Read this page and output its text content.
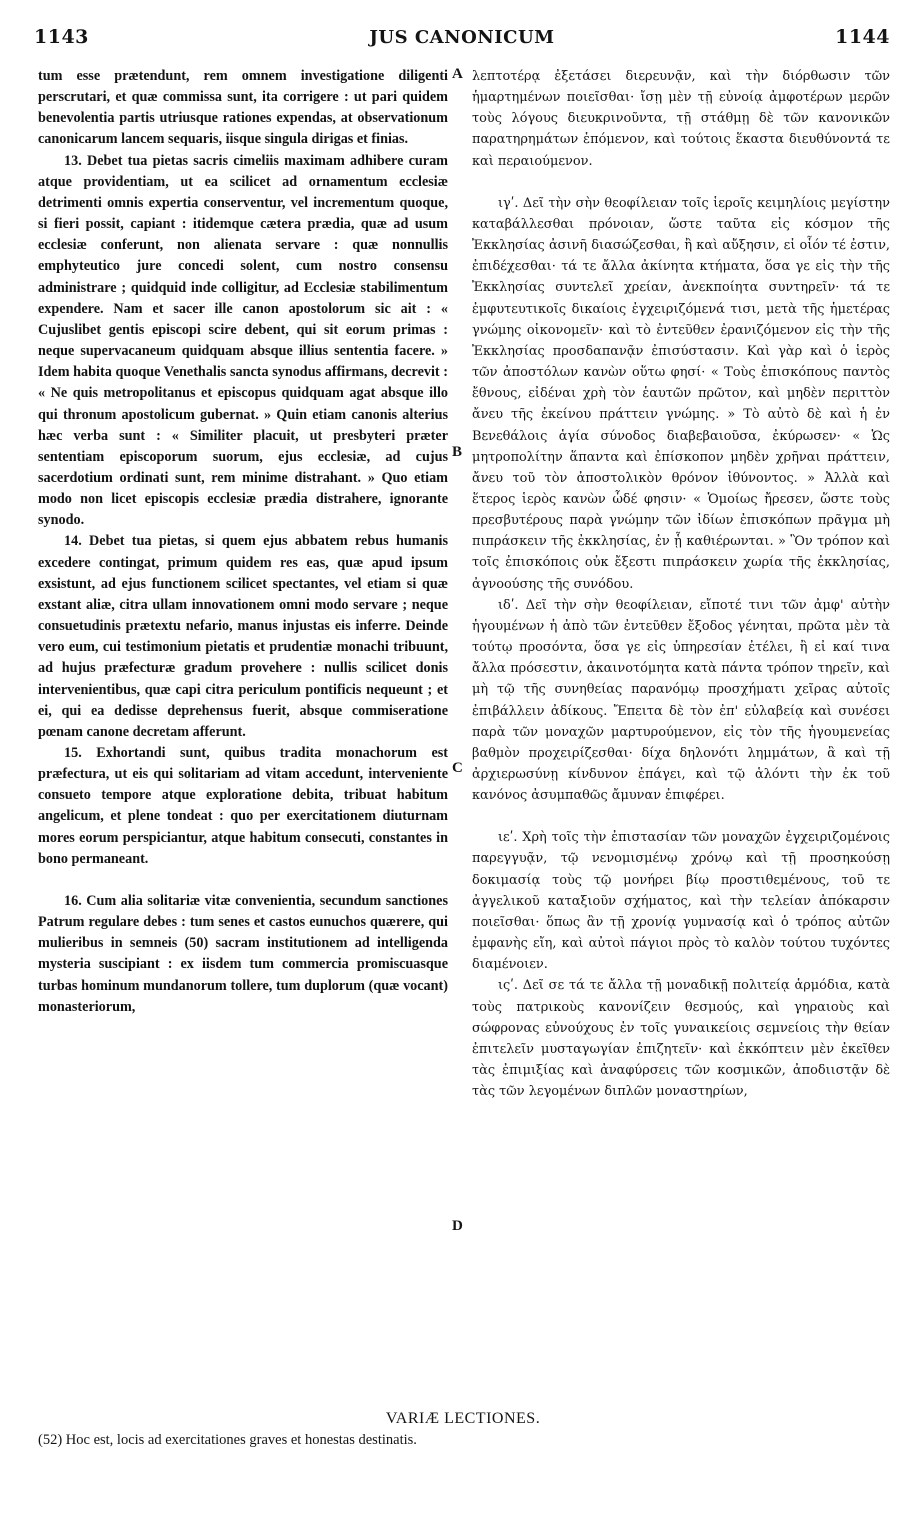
1143	JUS CANONICUM	1144

tum esse prætendunt, rem omnem investigatione diligenti perscrutari, et quæ commissa sunt, ita corrigere : ut pari quidem benevolentia partis utriusque rationes expendas, at observationum canonicarum lancem sequaris, iisque singula dirigas et finias.

13. Debet tua pietas sacris cimeliis maximam adhibere curam atque providentiam, ut ea scilicet ad ornamentum ecclesiæ detrimenti omnis expertia conserventur, vel incrementum quoque, si fieri possit, capiant : itidemque cætera prædia, quæ ad usum ecclesiæ conferunt, non alienata servare : quæ nonnullis emphyteutico jure concedi solent, cum nostro consensu administrare ; quidquid inde colligitur, ad Ecclesiæ stabilimentum expendere. Nam et sacer ille canon apostolorum sic ait : « Cujuslibet gentis episcopi scire debent, qui sit eorum primas : neque supervacaneum quidquam absque illius sententia facere. » Idem habita quoque Venethalis sancta synodus affirmans, decrevit : « Ne quis metropolitanus et episcopus quidquam agat absque illo qui thronum apostolicum gubernat. » Quin etiam canonis alterius hæc verba sunt : « Similiter placuit, ut presbyteri præter sententiam episcoporum suorum, ejus ecclesiæ, ad cujus sacerdotium ordinati sunt, rem minime distrahant. » Quo etiam modo non licet episcopis ecclesiæ prædia distrahere, ignorante synodo.

14. Debet tua pietas, si quem ejus abbatem rebus humanis excedere contingat, primum quidem res eas, quæ apud ipsum exsistunt, ad ejus functionem scilicet spectantes, vel etiam si quæ exstant aliæ, citra ullam innovationem omni modo servare ; neque consuetudinis prætextu nefario, manus injustas eis inferre. Deinde vero eum, cui testimonium pietatis et prudentiæ monachi tribuunt, ad hujus præfecturæ gradum provehere : nullis scilicet donis intervenientibus, quæ capi citra periculum pontificis nequeunt ; et ei, qui ea dedisse deprehensus fuerit, absque commiseratione pœnam canone decretam afferunt.

15. Exhortandi sunt, quibus tradita monachorum est præfectura, ut eis qui solitariam ad vitam accedunt, interveniente consueto tempore atque exploratione debita, tribuat habitum angelicum, et plene tondeat : quo per exercitationem diuturnam mores eorum perspiciantur, atque habitum consecuti, constantes in bono permaneant.

16. Cum alia solitariæ vitæ convenientia, secundum sanctiones Patrum regulare debes : tum senes et castos eunuchos quærere, qui mulieribus in semneis (50) sacram institutionem ad intelligenda mysteria suscipiant : ex iisdem tum commercia promiscuasque turbas hominum mundanorum tollere, tum duplorum (quæ vocant) monasteriorum,

A
B
C
D

λεπτοτέρᾳ ἐξετάσει διερευνᾷν, καὶ τὴν διόρθωσιν τῶν ἡμαρτημένων ποιεῖσθαι· ἴσῃ μὲν τῇ εὐνοίᾳ ἀμφοτέρων μερῶν τοὺς λόγους διευκρινοῦντα, τῇ στάθμῃ δὲ τῶν κανονικῶν παρατηρημάτων ἑπόμενον, καὶ τούτοις ἕκαστα διευθύνοντά τε καὶ περαιούμενον.

ιγʹ. Δεῖ τὴν σὴν θεοφίλειαν τοῖς ἱεροῖς κειμηλίοις μεγίστην καταβάλλεσθαι πρόνοιαν, ὥστε ταῦτα εἰς κόσμον τῆς Ἐκκλησίας ἀσινῆ διασώζεσθαι, ἢ καὶ αὔξησιν, εἰ οἷόν τέ ἐστιν, ἐπιδέχεσθαι· τά τε ἄλλα ἀκίνητα κτήματα, ὅσα γε εἰς τὴν τῆς Ἐκκλησίας συντελεῖ χρείαν, ἀνεκποίητα συντηρεῖν· τά τε ἐμφυτευτικοῖς δικαίοις ἐγχειριζόμενά τισι, μετὰ τῆς ἡμετέρας γνώμης οἰκονομεῖν· καὶ τὸ ἐντεῦθεν ἐρανιζόμενον εἰς τὴν τῆς Ἐκκλησίας προσδαπανᾷν ἐπισύστασιν. Καὶ γὰρ καὶ ὁ ἱερὸς τῶν ἀποστόλων κανὼν οὕτω φησί· « Τοὺς ἐπισκόπους παντὸς ἔθνους, εἰδέναι χρὴ τὸν ἑαυτῶν πρῶτον, καὶ μηδὲν περιττὸν ἄνευ τῆς ἐκείνου πράττειν γνώμης. » Τὸ αὐτὸ δὲ καὶ ἡ ἐν Βενεθάλοις ἁγία σύνοδος διαβεβαιοῦσα, ἐκύρωσεν· « Ὡς μητροπολίτην ἅπαντα καὶ ἐπίσκοπον μηδὲν χρῆναι πράττειν, ἄνευ τοῦ τὸν ἀποστολικὸν θρόνον ἰθύνοντος. » Ἀλλὰ καὶ ἕτερος ἱερὸς κανὼν ὧδέ φησιν· « Ὁμοίως ἤρεσεν, ὥστε τοὺς πρεσβυτέρους παρὰ γνώμην τῶν ἰδίων ἐπισκόπων πρᾶγμα μὴ πιπράσκειν τῆς ἐκκλησίας, ἐν ᾗ καθιέρωνται. » Ὃν τρόπον καὶ τοῖς ἐπισκόποις οὐκ ἔξεστι πιπράσκειν χωρία τῆς ἐκκλησίας, ἀγνοούσης τῆς συνόδου.

ιδʹ. Δεῖ τὴν σὴν θεοφίλειαν, εἴποτέ τινι τῶν ἀμφ' αὐτὴν ἡγουμένων ἡ ἀπὸ τῶν ἐντεῦθεν ἔξοδος γένηται, πρῶτα μὲν τὰ τούτῳ προσόντα, ὅσα γε εἰς ὑπηρεσίαν ἐτέλει, ἢ εἰ καί τινα ἄλλα πρόσεστιν, ἀκαινοτόμητα κατὰ πάντα τρόπον τηρεῖν, καὶ μὴ τῷ τῆς συνηθείας παρανόμῳ προσχήματι χεῖρας αὐτοῖς ἐπιβάλλειν ἀδίκους. Ἔπειτα δὲ τὸν ἐπ' εὐλαβείᾳ καὶ συνέσει παρὰ τῶν μοναχῶν μαρτυρούμενον, εἰς τὸν τῆς ἡγουμενείας βαθμὸν προχειρίζεσθαι· δίχα δηλονότι λημμάτων, ἃ καὶ τῇ ἀρχιερωσύνῃ κίνδυνον ἐπάγει, καὶ τῷ ἁλόντι τὴν ἐκ τοῦ κανόνος ἀσυμπαθῶς ἄμυναν ἐπιφέρει.

ιεʹ. Χρὴ τοῖς τὴν ἐπιστασίαν τῶν μοναχῶν ἐγχειριζομένοις παρεγγυᾷν, τῷ νενομισμένῳ χρόνῳ καὶ τῇ προσηκούσῃ δοκιμασίᾳ τοὺς τῷ μονήρει βίῳ προστιθεμένους, τοῦ τε ἀγγελικοῦ καταξιοῦν σχήματος, καὶ τὴν τελείαν ἀπόκαρσιν ποιεῖσθαι· ὅπως ἂν τῇ χρονίᾳ γυμνασίᾳ καὶ ὁ τρόπος αὐτῶν ἐμφανὴς εἴη, καὶ αὐτοὶ πάγιοι πρὸς τὸ καλὸν τούτου τυχόντες διαμένοιεν.

ιςʹ. Δεῖ σε τά τε ἄλλα τῇ μοναδικῇ πολιτείᾳ ἁρμόδια, κατὰ τοὺς πατρικοὺς κανονίζειν θεσμούς, καὶ γηραιοὺς καὶ σώφρονας εὐνούχους ἐν τοῖς γυναικείοις σεμνείοις τὴν θείαν ἐπιτελεῖν μυσταγωγίαν ἐπιζητεῖν· καὶ ἐκκόπτειν μὲν ἐκεῖθεν τὰς ἐπιμιξίας καὶ ἀναφύρσεις τῶν κοσμικῶν, ἀποδιιστᾷν δὲ τὰς τῶν λεγομένων διπλῶν μοναστηρίων,

VARIÆ LECTIONES.

(52) Hoc est, locis ad exercitationes graves et honestas destinatis.
